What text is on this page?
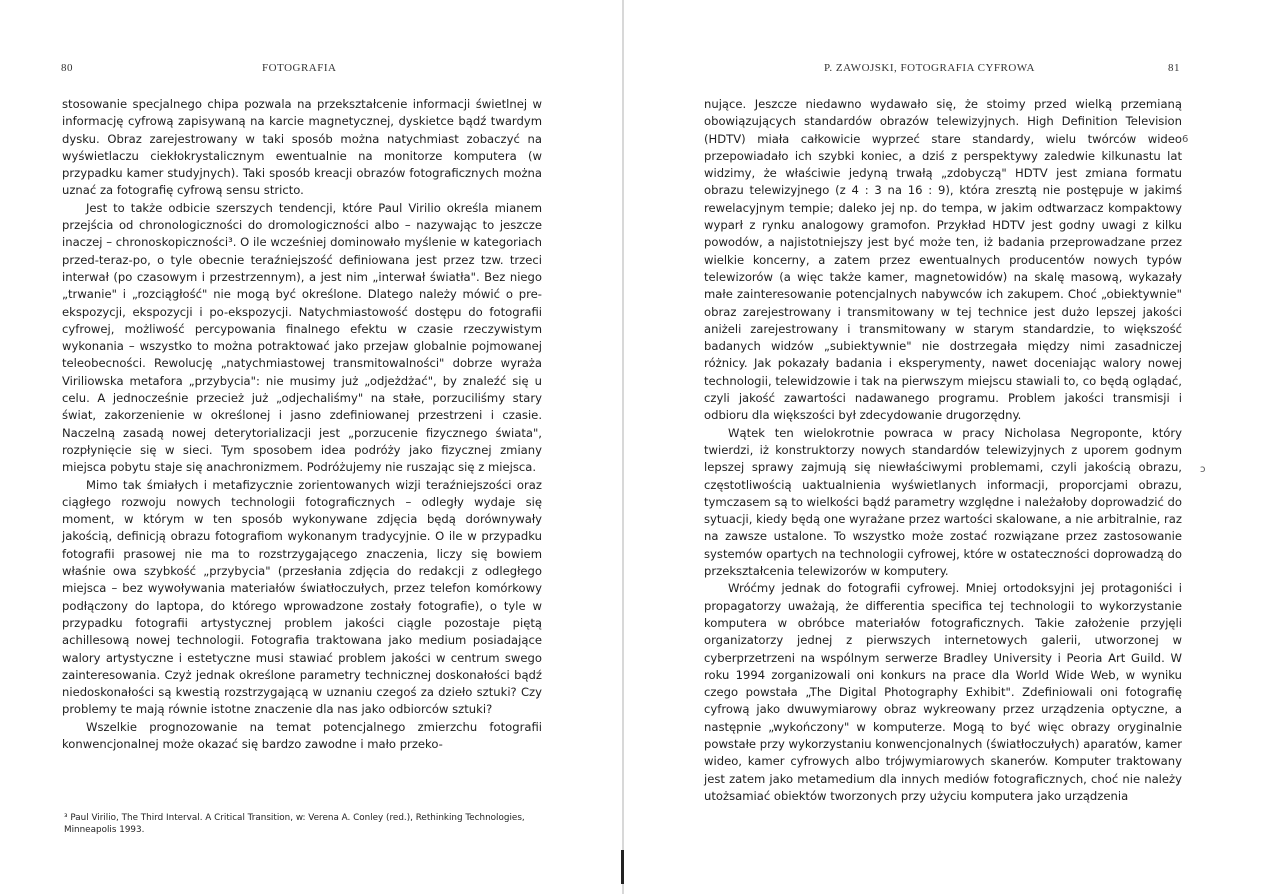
80	FOTOGRAFIA

stosowanie specjalnego chipa pozwala na przekształcenie informacji świetlnej w informację cyfrową zapisywaną na karcie magnetycznej, dyskietce bądź twardym dysku. Obraz zarejestrowany w taki sposób można natychmiast zobaczyć na wyświetlaczu ciekłokrystalicznym ewentualnie na monitorze komputera (w przypadku kamer studyjnych). Taki sposób kreacji obrazów fotograficznych można uznać za fotografię cyfrową sensu stricto.

Jest to także odbicie szerszych tendencji, które Paul Virilio określa mianem przejścia od chronologiczności do dromologiczności albo – nazywając to jeszcze inaczej – chronoskopiczności³. O ile wcześniej dominowało myślenie w kategoriach przed-teraz-po, o tyle obecnie teraźniejszość definiowana jest przez tzw. trzeci interwał (po czasowym i przestrzennym), a jest nim „interwał światła". Bez niego „trwanie" i „rozciągłość" nie mogą być określone. Dlatego należy mówić o pre-ekspozycji, ekspozycji i po-ekspozycji. Natychmiastowość dostępu do fotografii cyfrowej, możliwość percypowania finalnego efektu w czasie rzeczywistym wykonania – wszystko to można potraktować jako przejaw globalnie pojmowanej teleobecności. Rewolucję „natychmiastowej transmitowalności" dobrze wyraża Viriliowska metafora „przybycia": nie musimy już „odjeżdżać", by znaleźć się u celu. A jednocześnie przecież już „odjechaliśmy" na stałe, porzuciliśmy stary świat, zakorzenienie w określonej i jasno zdefiniowanej przestrzeni i czasie. Naczelną zasadą nowej deterytorializacji jest „porzucenie fizycznego świata", rozpłynięcie się w sieci. Tym sposobem idea podróży jako fizycznej zmiany miejsca pobytu staje się anachronizmem. Podróżujemy nie ruszając się z miejsca.

Mimo tak śmiałych i metafizycznie zorientowanych wizji teraźniejszości oraz ciągłego rozwoju nowych technologii fotograficznych – odległy wydaje się moment, w którym w ten sposób wykonywane zdjęcia będą dorównywały jakością, definicją obrazu fotografiom wykonanym tradycyjnie. O ile w przypadku fotografii prasowej nie ma to rozstrzygającego znaczenia, liczy się bowiem właśnie owa szybkość „przybycia" (przesłania zdjęcia do redakcji z odległego miejsca – bez wywoływania materiałów światłoczułych, przez telefon komórkowy podłączony do laptopa, do którego wprowadzone zostały fotografie), o tyle w przypadku fotografii artystycznej problem jakości ciągle pozostaje piętą achillesową nowej technologii. Fotografia traktowana jako medium posiadające walory artystyczne i estetyczne musi stawiać problem jakości w centrum swego zainteresowania. Czyż jednak określone parametry technicznej doskonałości bądź niedoskonałości są kwestią rozstrzygającą w uznaniu czegoś za dzieło sztuki? Czy problemy te mają równie istotne znaczenie dla nas jako odbiorców sztuki?

Wszelkie prognozowanie na temat potencjalnego zmierzchu fotografii konwencjonalnej może okazać się bardzo zawodne i mało przeko-

³ Paul Virilio, The Third Interval. A Critical Transition, w: Verena A. Conley (red.), Rethinking Technologies, Minneapolis 1993.
P. ZAWOJSKI, FOTOGRAFIA CYFROWA	81

nujące. Jeszcze niedawno wydawało się, że stoimy przed wielką przemianą obowiązujących standardów obrazów telewizyjnych. High Definition Television (HDTV) miała całkowicie wyprzeć stare standardy, wielu twórców wideo przepowiadało ich szybki koniec, a dziś z perspektywy zaledwie kilkunastu lat widzimy, że właściwie jedyną trwałą „zdobyczą" HDTV jest zmiana formatu obrazu telewizyjnego (z 4 : 3 na 16 : 9), która zresztą nie postępuje w jakimś rewelacyjnym tempie; daleko jej np. do tempa, w jakim odtwarzacz kompaktowy wyparł z rynku analogowy gramofon. Przykład HDTV jest godny uwagi z kilku powodów, a najistotniejszy jest być może ten, iż badania przeprowadzane przez wielkie koncerny, a zatem przez ewentualnych producentów nowych typów telewizorów (a więc także kamer, magnetowidów) na skalę masową, wykazały małe zainteresowanie potencjalnych nabywców ich zakupem. Choć „obiektywnie" obraz zarejestrowany i transmitowany w tej technice jest dużo lepszej jakości aniżeli zarejestrowany i transmitowany w starym standardzie, to większość badanych widzów „subiektywnie" nie dostrzegała między nimi zasadniczej różnicy. Jak pokazały badania i eksperymenty, nawet doceniając walory nowej technologii, telewidzowie i tak na pierwszym miejscu stawiali to, co będą oglądać, czyli jakość zawartości nadawanego programu. Problem jakości transmisji i odbioru dla większości był zdecydowanie drugorzędny.

Wątek ten wielokrotnie powraca w pracy Nicholasa Negroponte, który twierdzi, iż konstruktorzy nowych standardów telewizyjnych z uporem godnym lepszej sprawy zajmują się niewłaściwymi problemami, czyli jakością obrazu, częstotliwością uaktualnienia wyświetlanych informacji, proporcjami obrazu, tymczasem są to wielkości bądź parametry względne i należałoby doprowadzić do sytuacji, kiedy będą one wyrażane przez wartości skalowane, a nie arbitralnie, raz na zawsze ustalone. To wszystko może zostać rozwiązane przez zastosowanie systemów opartych na technologii cyfrowej, które w ostateczności doprowadzą do przekształcenia telewizorów w komputery.

Wróćmy jednak do fotografii cyfrowej. Mniej ortodoksyjni jej protagoniści i propagatorzy uważają, że differentia specifica tej technologii to wykorzystanie komputera w obróbce materiałów fotograficznych. Takie założenie przyjęli organizatorzy jednej z pierwszych internetowych galerii, utworzonej w cyberprzetrzeni na wspólnym serwerze Bradley University i Peoria Art Guild. W roku 1994 zorganizowali oni konkurs na prace dla World Wide Web, w wyniku czego powstała „The Digital Photography Exhibit". Zdefiniowali oni fotografię cyfrową jako dwuwymiarowy obraz wykreowany przez urządzenia optyczne, a następnie „wykończony" w komputerze. Mogą to być więc obrazy oryginalnie powstałe przy wykorzystaniu konwencjonalnych (światłoczułych) aparatów, kamer wideo, kamer cyfrowych albo trójwymiarowych skanerów. Komputer traktowany jest zatem jako metamedium dla innych mediów fotograficznych, choć nie należy utożsamiać obiektów tworzonych przy użyciu komputera jako urządzenia

6
ↄ
